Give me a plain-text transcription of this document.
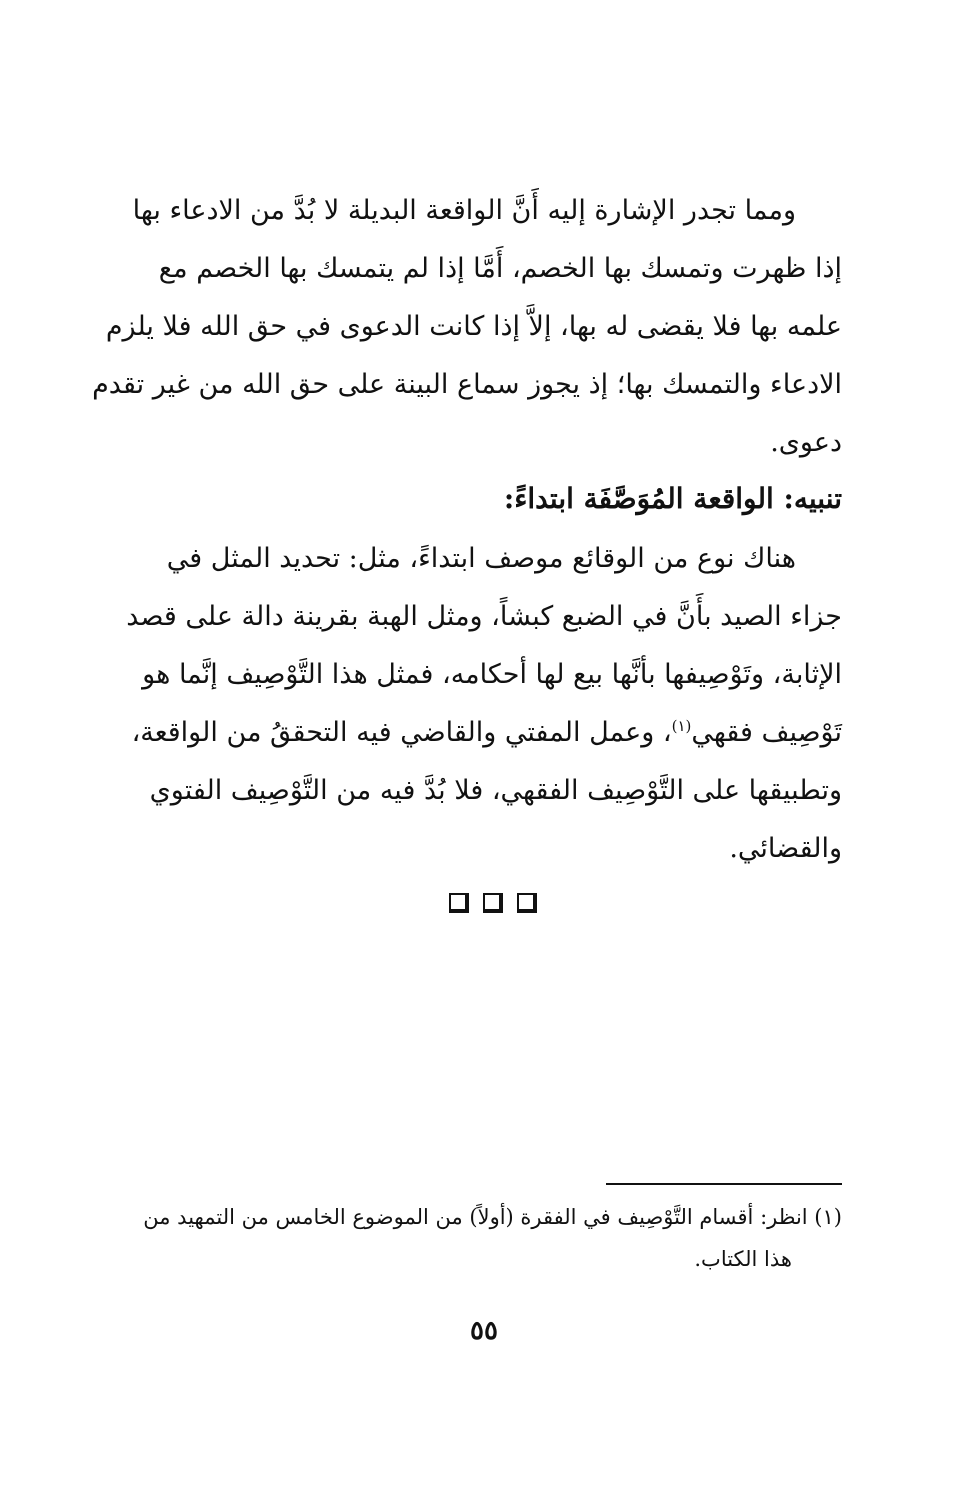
ومما تجدر الإشارة إليه أَنَّ الواقعة البديلة لا بُدَّ من الادعاء بها
إذا ظهرت وتمسك بها الخصم، أَمَّا إذا لم يتمسك بها الخصم مع
علمه بها فلا يقضى له بها، إلاَّ إذا كانت الدعوى في حق الله فلا يلزم
الادعاء والتمسك بها؛ إذ يجوز سماع البينة على حق الله من غير تقدم
دعوى.
تنبيه: الواقعة المُوَصَّفَة ابتداءً:
هناك نوع من الوقائع موصف ابتداءً، مثل: تحديد المثل في
جزاء الصيد بأَنَّ في الضبع كبشاً، ومثل الهبة بقرينة دالة على قصد
الإثابة، وتَوْصِيفها بأنَّها بيع لها أحكامه، فمثل هذا التَّوْصِيف إنَّما هو
تَوْصِيف فقهي$^{(١)}$، وعمل المفتي والقاضي فيه التحققُ من الواقعة،
وتطبيقها على التَّوْصِيف الفقهي، فلا بُدَّ فيه من التَّوْصِيف الفتوي
والقضائي.
(١) انظر: أقسام التَّوْصِيف في الفقرة (أولاً) من الموضوع الخامس من التمهيد من
هذا الكتاب.
٥٥
